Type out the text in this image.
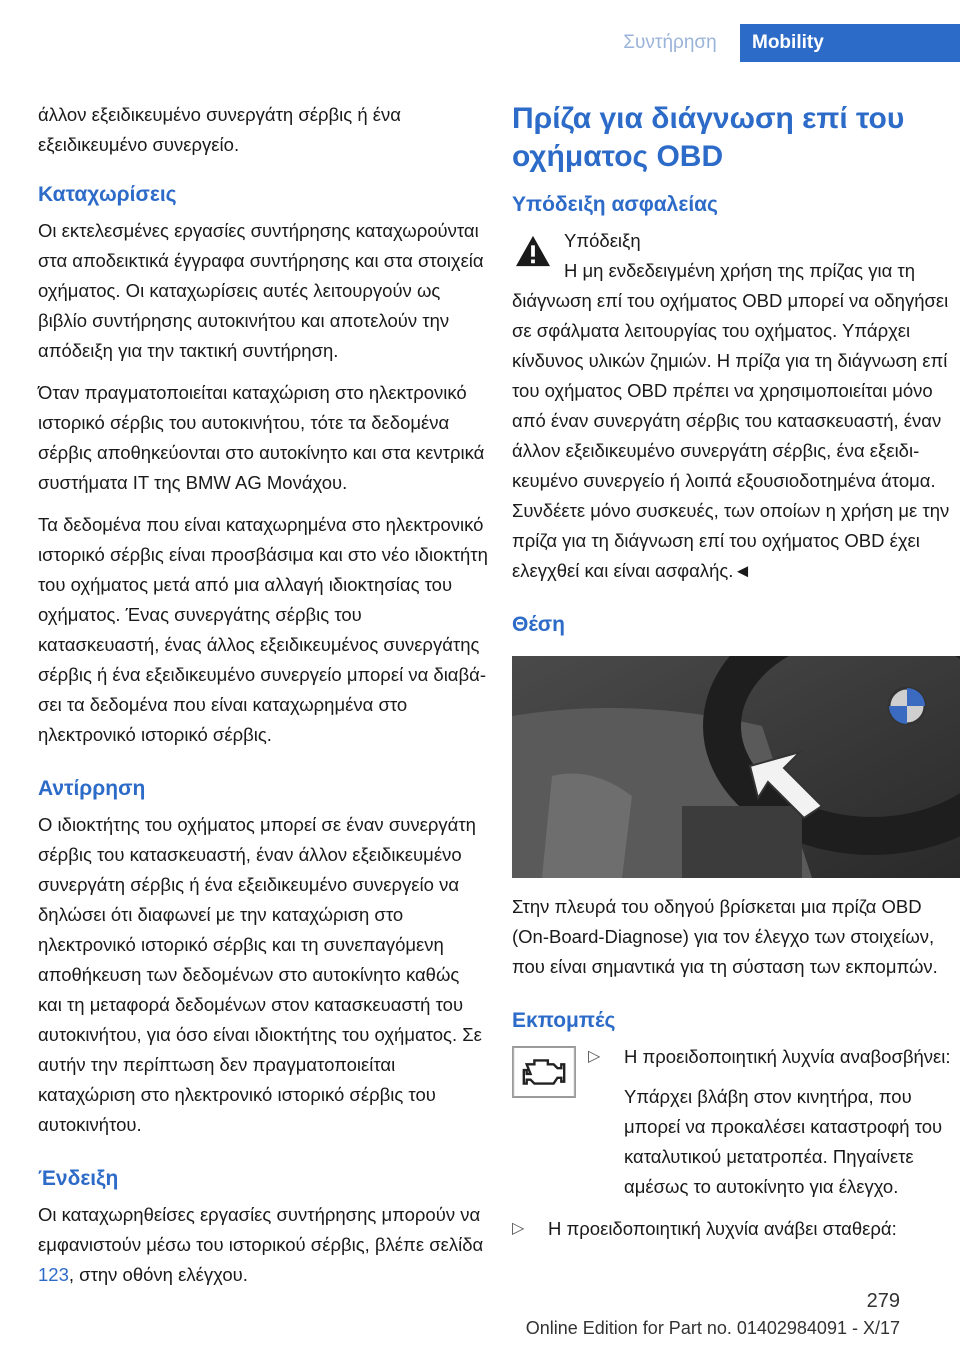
Συντήρηση	Mobility

άλλον εξειδικευμένο συνεργάτη σέρβις ή ένα εξειδικευμένο συνεργείο.

Καταχωρίσεις

Οι εκτελεσμένες εργασίες συντήρησης καταχωρούνται στα αποδεικτικά έγγραφα συντήρησης και στα στοιχεία οχήματος. Οι καταχωρίσεις αυτές λειτουργούν ως βιβλίο συντήρησης αυτοκινήτου και αποτελούν την απόδειξη για την τακτική συντήρηση.

Όταν πραγματοποιείται καταχώριση στο ηλεκτρονικό ιστορικό σέρβις του αυτοκινήτου, τότε τα δεδομένα σέρβις αποθηκεύονται στο αυτοκίνητο και στα κεντρικά συστήματα IT της BMW AG Μονάχου.

Τα δεδομένα που είναι καταχωρημένα στο ηλεκτρονικό ιστορικό σέρβις είναι προσβάσιμα και στο νέο ιδιοκτήτη του οχήματος μετά από μια αλλαγή ιδιοκτησίας του οχήματος. Ένας συνεργάτης σέρβις του κατασκευαστή, ένας άλλος εξειδικευμένος συνεργάτης σέρβις ή ένα εξειδικευμένο συνεργείο μπορεί να διαβάσει τα δεδομένα που είναι καταχωρημένα στο ηλεκτρονικό ιστορικό σέρβις.

Αντίρρηση

Ο ιδιοκτήτης του οχήματος μπορεί σε έναν συνεργάτη σέρβις του κατασκευαστή, έναν άλλον εξειδικευμένο συνεργάτη σέρβις ή ένα εξειδικευμένο συνεργείο να δηλώσει ότι διαφωνεί με την καταχώριση στο ηλεκτρονικό ιστορικό σέρβις και τη συνεπαγόμενη αποθήκευση των δεδομένων στο αυτοκίνητο καθώς και τη μεταφορά δεδομένων στον κατασκευαστή του αυτοκινήτου, για όσο είναι ιδιοκτήτης του οχήματος. Σε αυτήν την περίπτωση δεν πραγματοποιείται καταχώριση στο ηλεκτρονικό ιστορικό σέρβις του αυτοκινήτου.

Ένδειξη

Οι καταχωρηθείσες εργασίες συντήρησης μπορούν να εμφανιστούν μέσω του ιστορικού σέρβις, βλέπε σελίδα 123, στην οθόνη ελέγχου.

Πρίζα για διάγνωση επί του οχήματος OBD
Υπόδειξη ασφαλείας
Υπόδειξη

Η μη ενδεδειγμένη χρήση της πρίζας για τη διάγνωση επί του οχήματος OBD μπορεί να οδηγήσει σε σφάλματα λειτουργίας του οχήματος. Υπάρχει κίνδυνος υλικών ζημιών. Η πρίζα για τη διάγνωση επί του οχήματος OBD πρέπει να χρησιμοποιείται μόνο από έναν συνεργάτη σέρβις του κατασκευαστή, έναν άλλον εξειδικευμένο συνεργάτη σέρβις, ένα εξειδικευμένο συνεργείο ή λοιπά εξουσιοδοτημένα άτομα. Συνδέετε μόνο συσκευές, των οποίων η χρήση με την πρίζα για τη διάγνωση επί του οχήματος OBD έχει ελεγχθεί και είναι ασφαλής.◄

Θέση

Στην πλευρά του οδηγού βρίσκεται μια πρίζα OBD (On-Board-Diagnose) για τον έλεγχο των στοιχείων, που είναι σημαντικά για τη σύσταση των εκπομπών.

Εκπομπές
▷ Η προειδοποιητική λυχνία αναβοσβήνει:
Υπάρχει βλάβη στον κινητήρα, που μπορεί να προκαλέσει καταστροφή του καταλυτικού μετατροπέα. Πηγαίνετε αμέσως το αυτοκίνητο για έλεγχο.
▷ Η προειδοποιητική λυχνία ανάβει σταθερά:
279
Online Edition for Part no. 01402984091 - X/17
